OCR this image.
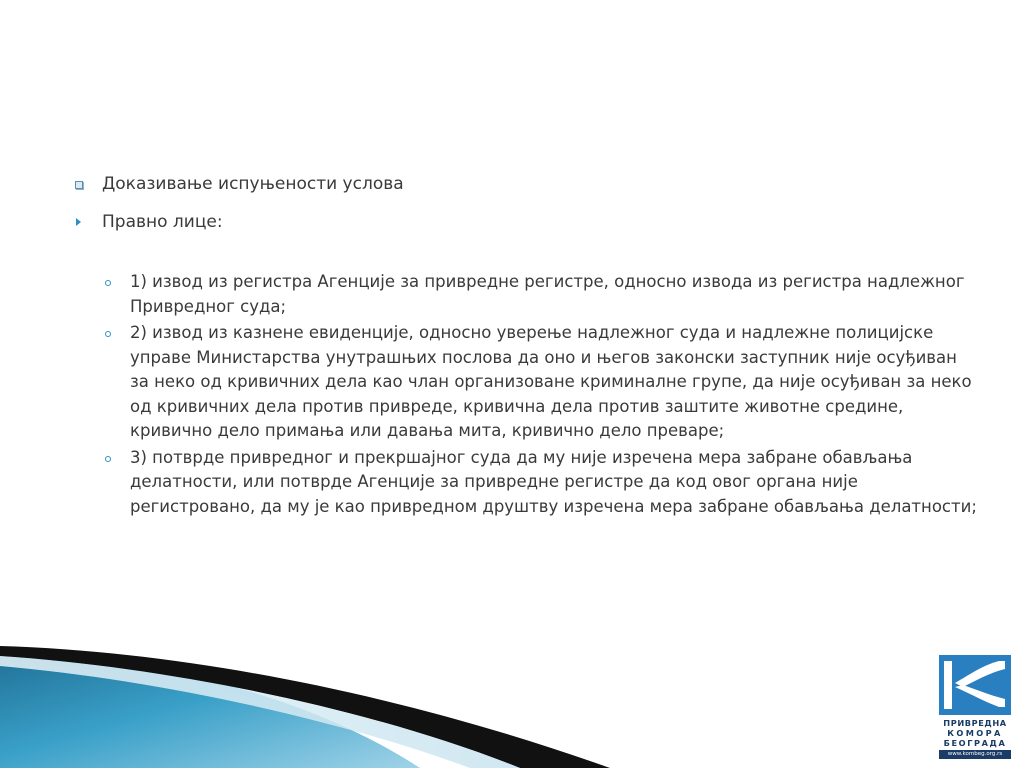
Доказивање испуњености услова
Правно лице:
1) извод из регистра Агенције за привредне регистре, односно извода из регистра надлежног Привредног суда;
2) извод из казнене евиденције, односно уверење надлежног суда и надлежне полицијске управе Министарства унутрашњих послова да оно и његов законски заступник није осуђиван за неко од кривичних дела као члан организоване криминалне групе, да није осуђиван за неко од кривичних дела против привреде, кривична дела против заштите животне средине, кривично дело примања или давања мита, кривично дело преваре;
3) потврде привредног и прекршајног суда да му није изречена мера забране обављања делатности, или потврде Агенције за привредне регистре да код овог органа није регистровано, да му је као привредном друштву изречена мера забране обављања делатности;
ПРИВРЕДНА
КОМОРА
БЕОГРАДА
www.kombeg.org.rs
